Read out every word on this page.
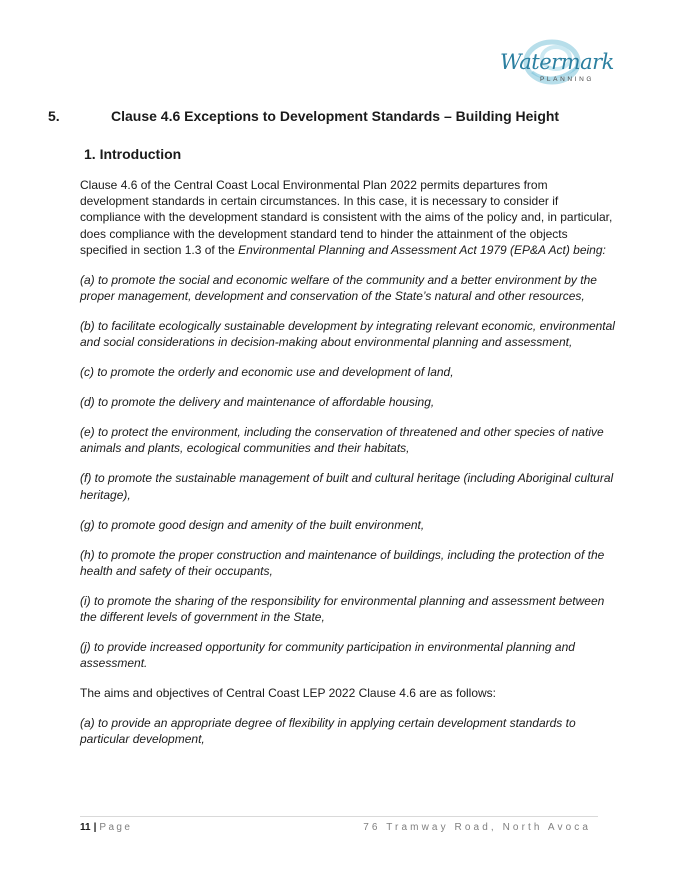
Watermark

PLANNING
5.	Clause 4.6 Exceptions to Development Standards – Building Height
1. Introduction

Clause 4.6 of the Central Coast Local Environmental Plan 2022 permits departures from development standards in certain circumstances. In this case, it is necessary to consider if compliance with the development standard is consistent with the aims of the policy and, in particular, does compliance with the development standard tend to hinder the attainment of the objects specified in section 1.3 of the Environmental Planning and Assessment Act 1979 (EP&A Act) being:

(a) to promote the social and economic welfare of the community and a better environment by the proper management, development and conservation of the State’s natural and other resources,

(b) to facilitate ecologically sustainable development by integrating relevant economic, environmental and social considerations in decision-making about environmental planning and assessment,

(c) to promote the orderly and economic use and development of land,

(d) to promote the delivery and maintenance of affordable housing,

(e) to protect the environment, including the conservation of threatened and other species of native animals and plants, ecological communities and their habitats,

(f) to promote the sustainable management of built and cultural heritage (including Aboriginal cultural heritage),

(g) to promote good design and amenity of the built environment,

(h) to promote the proper construction and maintenance of buildings, including the protection of the health and safety of their occupants,

(i) to promote the sharing of the responsibility for environmental planning and assessment between the different levels of government in the State,

(j) to provide increased opportunity for community participation in environmental planning and assessment.

The aims and objectives of Central Coast LEP 2022 Clause 4.6 are as follows:

(a) to provide an appropriate degree of flexibility in applying certain development standards to particular development,

11 | Page	76 Tramway Road, North Avoca
